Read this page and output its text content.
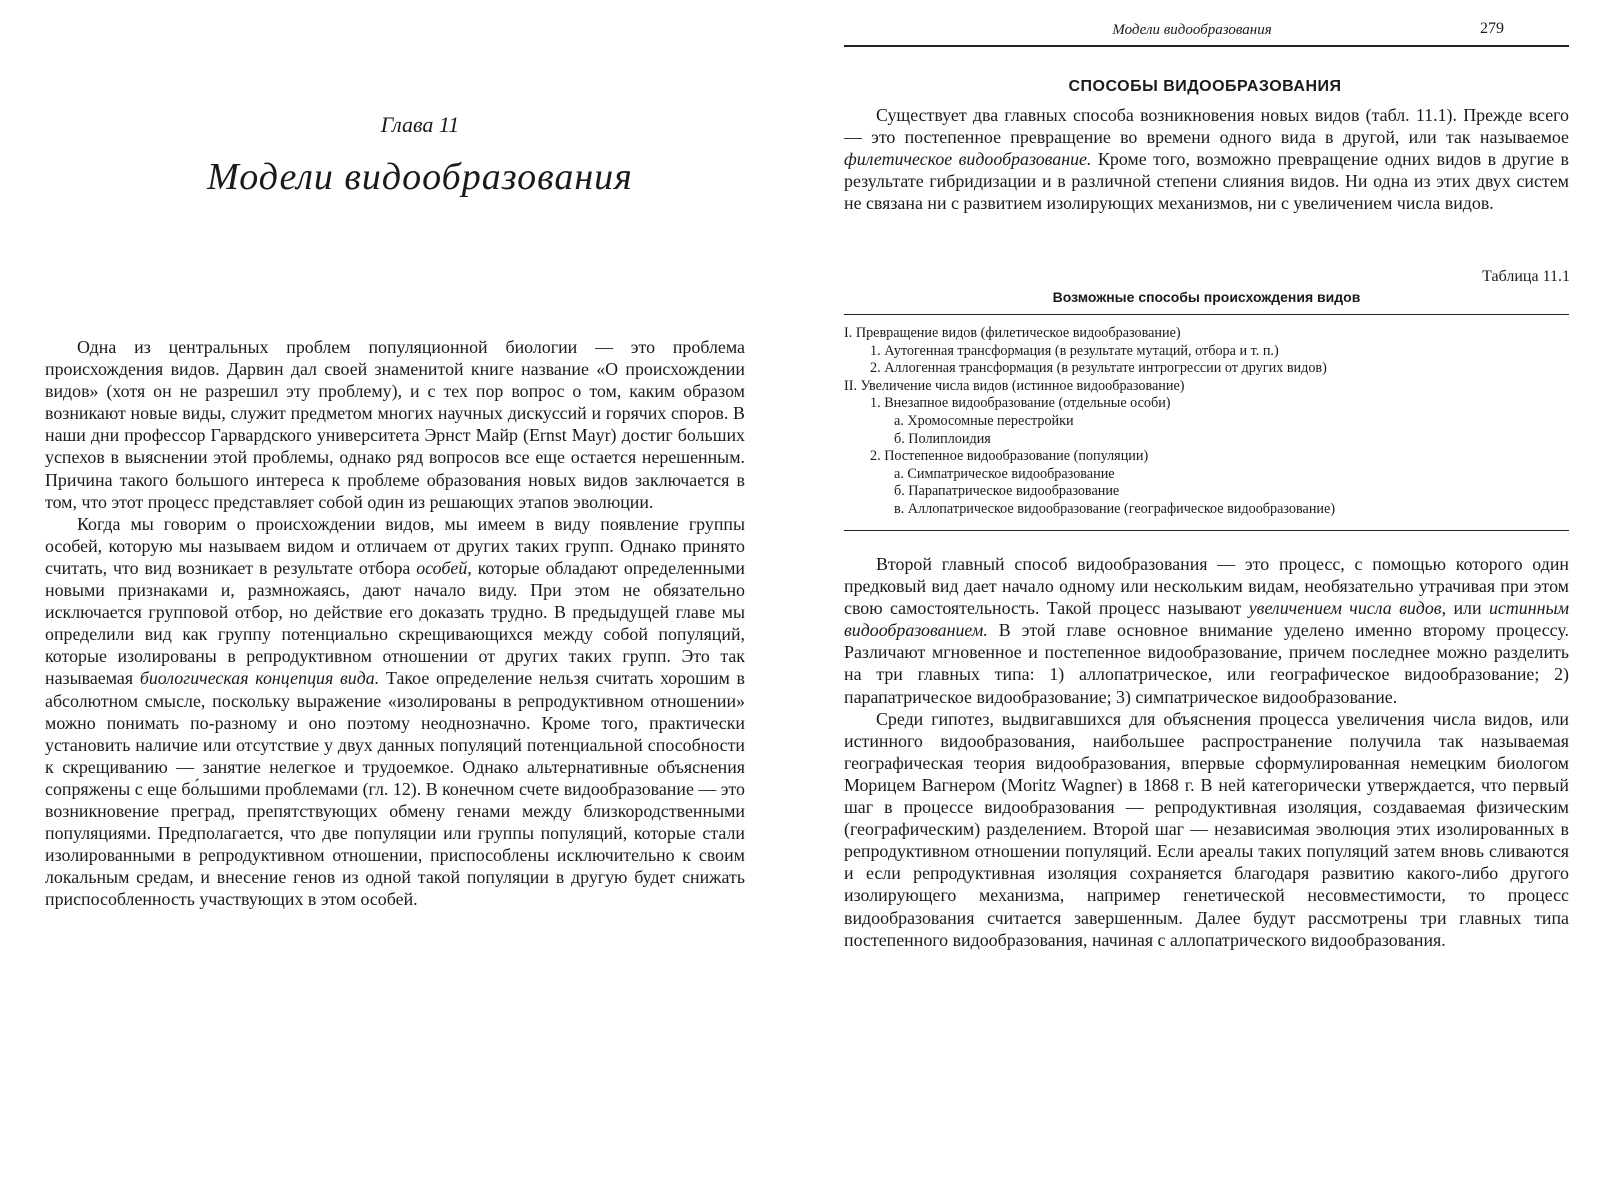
Глава 11
Модели видообразования

Одна из центральных проблем популяционной биологии — это проблема происхождения видов. Дарвин дал своей знаменитой книге название «О происхождении видов» (хотя он не разрешил эту проблему), и с тех пор вопрос о том, каким образом возникают новые виды, служит предметом многих научных дискуссий и горячих споров. В наши дни профессор Гарвардского университета Эрнст Майр (Ernst Mayr) достиг больших успехов в выяснении этой проблемы, однако ряд вопросов все еще остается нерешенным. Причина такого большого интереса к проблеме образования новых видов заключается в том, что этот процесс представляет собой один из решающих этапов эволюции.

Когда мы говорим о происхождении видов, мы имеем в виду появление группы особей, которую мы называем видом и отличаем от других таких групп. Однако принято считать, что вид возникает в результате отбора особей, которые обладают определенными новыми признаками и, размножаясь, дают начало виду. При этом не обязательно исключается групповой отбор, но действие его доказать трудно. В предыдущей главе мы определили вид как группу потенциально скрещивающихся между собой популяций, которые изолированы в репродуктивном отношении от других таких групп. Это так называемая биологическая концепция вида. Такое определение нельзя считать хорошим в абсолютном смысле, поскольку выражение «изолированы в репродуктивном отношении» можно понимать по-разному и оно поэтому неоднозначно. Кроме того, практически установить наличие или отсутствие у двух данных популяций потенциальной способности к скрещиванию — занятие нелегкое и трудоемкое. Однако альтернативные объяснения сопряжены с еще бо́льшими проблемами (гл. 12). В конечном счете видообразование — это возникновение преград, препятствующих обмену генами между близкородственными популяциями. Предполагается, что две популяции или группы популяций, которые стали изолированными в репродуктивном отношении, приспособлены исключительно к своим локальным средам, и внесение генов из одной такой популяции в другую будет снижать приспособленность участвующих в этом особей.

Модели видообразования	279
СПОСОБЫ ВИДООБРАЗОВАНИЯ

Существует два главных способа возникновения новых видов (табл. 11.1). Прежде всего — это постепенное превращение во времени одного вида в другой, или так называемое филетическое видообразование. Кроме того, возможно превращение одних видов в другие в результате гибридизации и в различной степени слияния видов. Ни одна из этих двух систем не связана ни с развитием изолирующих механизмов, ни с увеличением числа видов.

Таблица 11.1
Возможные способы происхождения видов
I. Превращение видов (филетическое видообразование)
1. Аутогенная трансформация (в результате мутаций, отбора и т. п.)
2. Аллогенная трансформация (в результате интрогрессии от других видов)
II. Увеличение числа видов (истинное видообразование)
1. Внезапное видообразование (отдельные особи)
а. Хромосомные перестройки
б. Полиплоидия
2. Постепенное видообразование (популяции)
а. Симпатрическое видообразование
б. Парапатрическое видообразование
в. Аллопатрическое видообразование (географическое видообразование)

Второй главный способ видообразования — это процесс, с помощью которого один предковый вид дает начало одному или нескольким видам, необязательно утрачивая при этом свою самостоятельность. Такой процесс называют увеличением числа видов, или истинным видообразованием. В этой главе основное внимание уделено именно второму процессу. Различают мгновенное и постепенное видообразование, причем последнее можно разделить на три главных типа: 1) аллопатрическое, или географическое видообразование; 2) парапатрическое видообразование; 3) симпатрическое видообразование.

Среди гипотез, выдвигавшихся для объяснения процесса увеличения числа видов, или истинного видообразования, наибольшее распространение получила так называемая географическая теория видообразования, впервые сформулированная немецким биологом Морицем Вагнером (Moritz Wagner) в 1868 г. В ней категорически утверждается, что первый шаг в процессе видообразования — репродуктивная изоляция, создаваемая физическим (географическим) разделением. Второй шаг — независимая эволюция этих изолированных в репродуктивном отношении популяций. Если ареалы таких популяций затем вновь сливаются и если репродуктивная изоляция сохраняется благодаря развитию какого-либо другого изолирующего механизма, например генетической несовместимости, то процесс видообразования считается завершенным. Далее будут рассмотрены три главных типа постепенного видообразования, начиная с аллопатрического видообразования.
